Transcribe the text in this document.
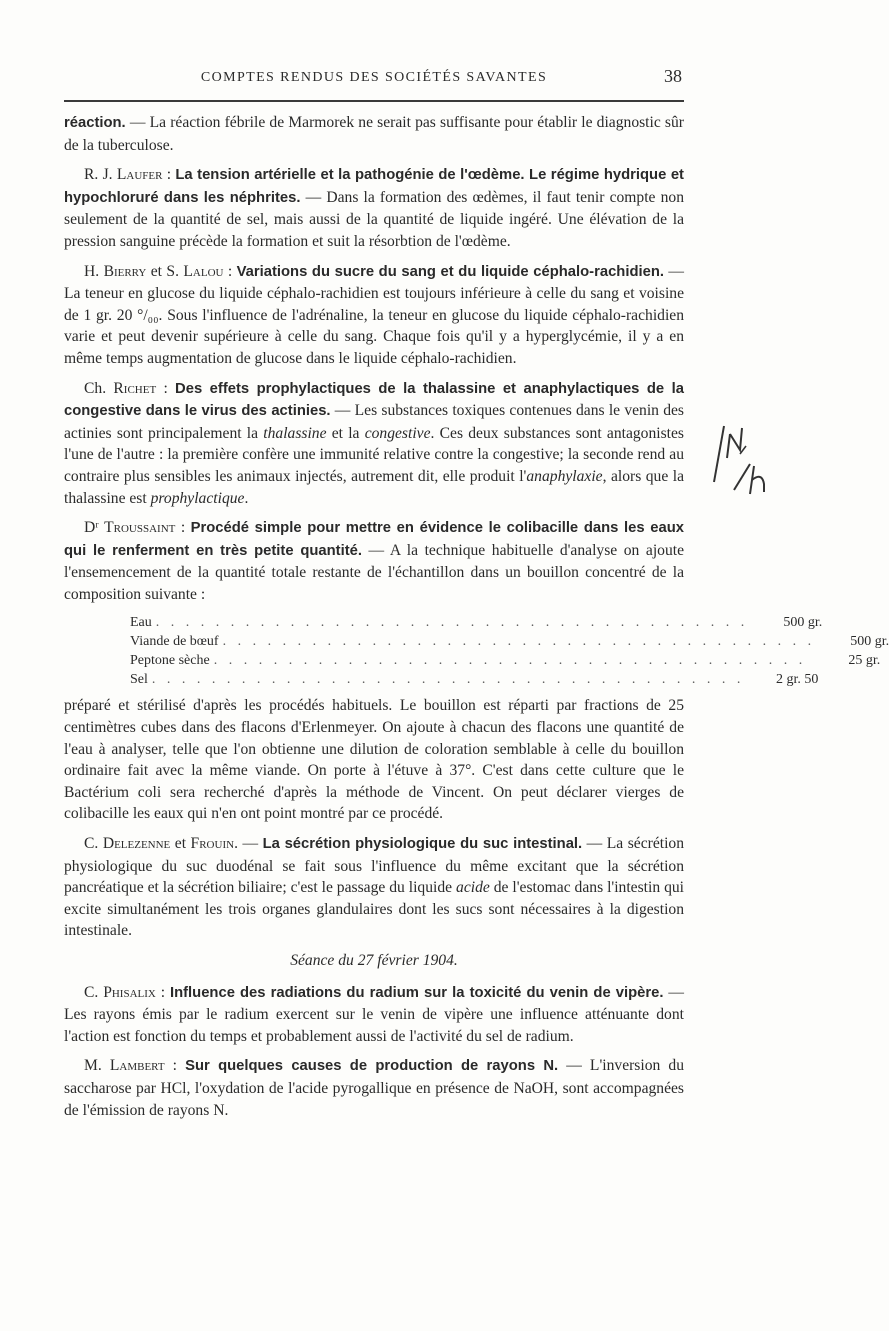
COMPTES RENDUS DES SOCIÉTÉS SAVANTES	38

réaction. — La réaction fébrile de Marmorek ne serait pas suffisante pour établir le diagnostic sûr de la tuberculose.

R. J. Laufer : La tension artérielle et la pathogénie de l'œdème. Le régime hydrique et hypochloruré dans les néphrites. — Dans la formation des œdèmes, il faut tenir compte non seulement de la quantité de sel, mais aussi de la quantité de liquide ingéré. Une élévation de la pression sanguine précède la formation et suit la résorbtion de l'œdème.

H. Bierry et S. Lalou : Variations du sucre du sang et du liquide céphalo-rachidien. — La teneur en glucose du liquide céphalo-rachidien est toujours inférieure à celle du sang et voisine de 1 gr. 20 °/₀₀. Sous l'influence de l'adrénaline, la teneur en glucose du liquide céphalo-rachidien varie et peut devenir supérieure à celle du sang. Chaque fois qu'il y a hyperglycémie, il y a en même temps augmentation de glucose dans le liquide céphalo-rachidien.

Ch. Richet : Des effets prophylactiques de la thalassine et anaphylactiques de la congestive dans le virus des actinies. — Les substances toxiques contenues dans le venin des actinies sont principalement la thalassine et la congestive. Ces deux substances sont antagonistes l'une de l'autre : la première confère une immunité relative contre la congestive; la seconde rend au contraire plus sensibles les animaux injectés, autrement dit, elle produit l'anaphylaxie, alors que la thalassine est prophylactique.

Dʳ Troussaint : Procédé simple pour mettre en évidence le colibacille dans les eaux qui le renferment en très petite quantité. — A la technique habituelle d'analyse on ajoute l'ensemencement de la quantité totale restante de l'échantillon dans un bouillon concentré de la composition suivante :

Eau . . . . . . . . . . . . . . . . . . . . . . . . . . . . . . . . . . . . . . . .	500 gr.
Viande de bœuf . . . . . . . . . . . . . . . . . . . . . . . . . . . . . . . . . . . . . . . .	500 gr.
Peptone sèche . . . . . . . . . . . . . . . . . . . . . . . . . . . . . . . . . . . . . . . .	25 gr.
Sel . . . . . . . . . . . . . . . . . . . . . . . . . . . . . . . . . . . . . . . .	2 gr. 50

préparé et stérilisé d'après les procédés habituels. Le bouillon est réparti par fractions de 25 centimètres cubes dans des flacons d'Erlenmeyer. On ajoute à chacun des flacons une quantité de l'eau à analyser, telle que l'on obtienne une dilution de coloration semblable à celle du bouillon ordinaire fait avec la même viande. On porte à l'étuve à 37°. C'est dans cette culture que le Bactérium coli sera recherché d'après la méthode de Vincent. On peut déclarer vierges de colibacille les eaux qui n'en ont point montré par ce procédé.

C. Delezenne et Frouin. — La sécrétion physiologique du suc intestinal. — La sécrétion physiologique du suc duodénal se fait sous l'influence du même excitant que la sécrétion pancréatique et la sécrétion biliaire; c'est le passage du liquide acide de l'estomac dans l'intestin qui excite simultanément les trois organes glandulaires dont les sucs sont nécessaires à la digestion intestinale.

Séance du 27 février 1904.

C. Phisalix : Influence des radiations du radium sur la toxicité du venin de vipère. — Les rayons émis par le radium exercent sur le venin de vipère une influence atténuante dont l'action est fonction du temps et probablement aussi de l'activité du sel de radium.

M. Lambert : Sur quelques causes de production de rayons N. — L'inversion du saccharose par HCl, l'oxydation de l'acide pyrogallique en présence de NaOH, sont accompagnées de l'émission de rayons N.
